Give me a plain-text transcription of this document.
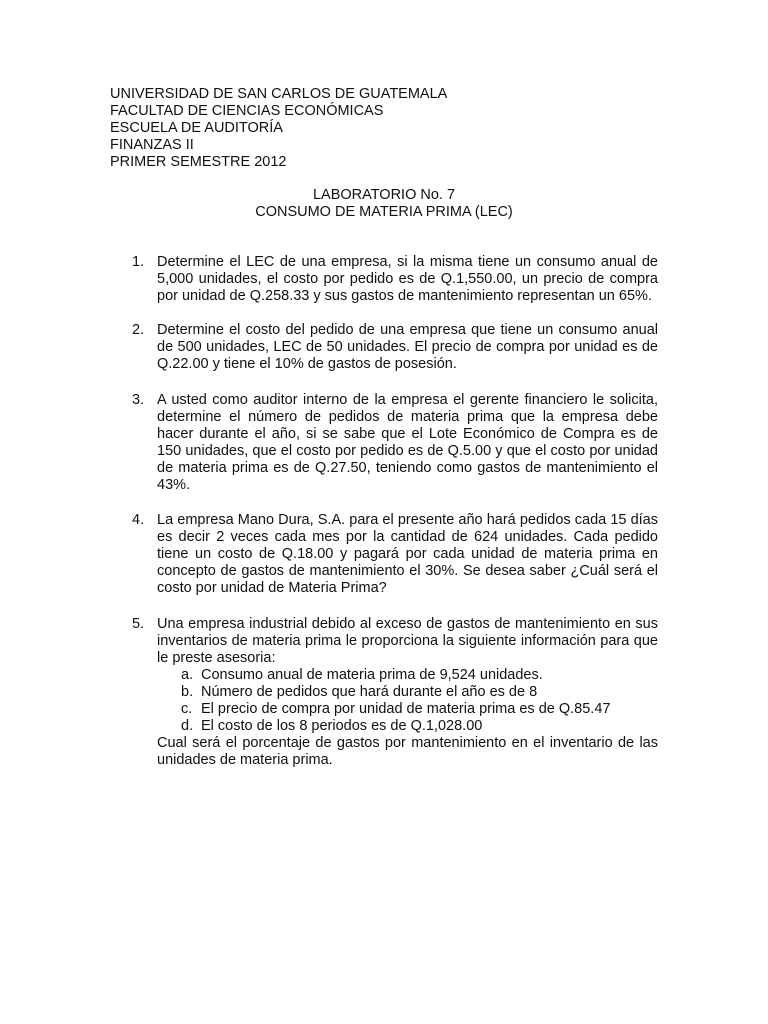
UNIVERSIDAD DE SAN CARLOS DE GUATEMALA
FACULTAD DE CIENCIAS ECONÓMICAS
ESCUELA DE AUDITORÍA
FINANZAS II
PRIMER SEMESTRE 2012
LABORATORIO No. 7
CONSUMO DE MATERIA PRIMA (LEC)
1. Determine el LEC de una empresa, si la misma tiene un consumo anual de 5,000 unidades, el costo por pedido es de Q.1,550.00, un precio de compra por unidad de Q.258.33 y sus gastos de mantenimiento representan un 65%.
2. Determine el costo del pedido de una empresa que tiene un consumo anual de 500 unidades, LEC de 50 unidades. El precio de compra por unidad es de Q.22.00 y tiene el 10% de gastos de posesión.
3. A usted como auditor interno de la empresa el gerente financiero le solicita, determine el número de pedidos de materia prima que la empresa debe hacer durante el año, si se sabe que el Lote Económico de Compra es de 150 unidades, que el costo por pedido es de Q.5.00 y que el costo por unidad de materia prima es de Q.27.50, teniendo como gastos de mantenimiento el 43%.
4. La empresa Mano Dura, S.A. para el presente año hará pedidos cada 15 días es decir 2 veces cada mes por la cantidad de 624 unidades. Cada pedido tiene un costo de Q.18.00 y pagará por cada unidad de materia prima en concepto de gastos de mantenimiento el 30%. Se desea saber ¿Cuál será el costo por unidad de Materia Prima?
5. Una empresa industrial debido al exceso de gastos de mantenimiento en sus inventarios de materia prima le proporciona la siguiente información para que le preste asesoria:
a. Consumo anual de materia prima de 9,524 unidades.
b. Número de pedidos que hará durante el año es de 8
c. El precio de compra por unidad de materia prima es de Q.85.47
d. El costo de los 8 periodos es de Q.1,028.00
Cual será el porcentaje de gastos por mantenimiento en el inventario de las unidades de materia prima.
